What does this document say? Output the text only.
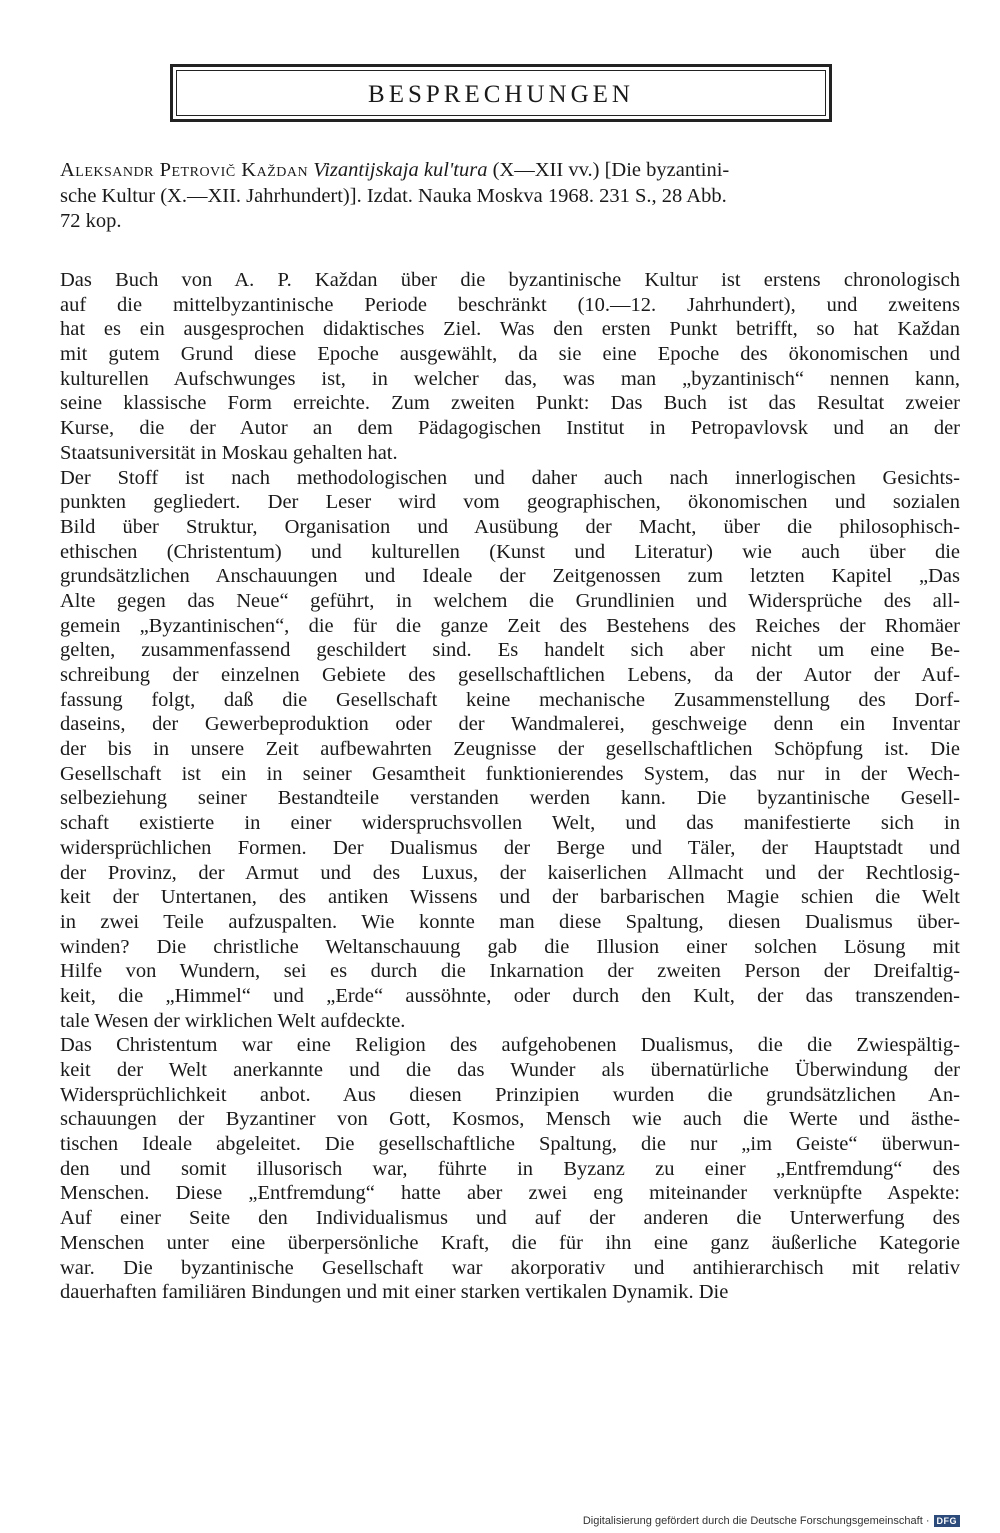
BESPRECHUNGEN
Aleksandr Petrovič Každan Vizantijskaja kul'tura (X—XII vv.) [Die byzantini-
sche Kultur (X.—XII. Jahrhundert)]. Izdat. Nauka Moskva 1968. 231 S., 28 Abb.
72 kop.
Das Buch von A. P. Každan über die byzantinische Kultur ist erstens chronologisch
auf die mittelbyzantinische Periode beschränkt (10.—12. Jahrhundert), und zweitens
hat es ein ausgesprochen didaktisches Ziel. Was den ersten Punkt betrifft, so hat Každan
mit gutem Grund diese Epoche ausgewählt, da sie eine Epoche des ökonomischen und
kulturellen Aufschwunges ist, in welcher das, was man „byzantinisch“ nennen kann,
seine klassische Form erreichte. Zum zweiten Punkt: Das Buch ist das Resultat zweier
Kurse, die der Autor an dem Pädagogischen Institut in Petropavlovsk und an der
Staatsuniversität in Moskau gehalten hat.
Der Stoff ist nach methodologischen und daher auch nach innerlogischen Gesichts-
punkten gegliedert. Der Leser wird vom geographischen, ökonomischen und sozialen
Bild über Struktur, Organisation und Ausübung der Macht, über die philosophisch-
ethischen (Christentum) und kulturellen (Kunst und Literatur) wie auch über die
grundsätzlichen Anschauungen und Ideale der Zeitgenossen zum letzten Kapitel „Das
Alte gegen das Neue“ geführt, in welchem die Grundlinien und Widersprüche des all-
gemein „Byzantinischen“, die für die ganze Zeit des Bestehens des Reiches der Rhomäer
gelten, zusammenfassend geschildert sind. Es handelt sich aber nicht um eine Be-
schreibung der einzelnen Gebiete des gesellschaftlichen Lebens, da der Autor der Auf-
fassung folgt, daß die Gesellschaft keine mechanische Zusammenstellung des Dorf-
daseins, der Gewerbeproduktion oder der Wandmalerei, geschweige denn ein Inventar
der bis in unsere Zeit aufbewahrten Zeugnisse der gesellschaftlichen Schöpfung ist. Die
Gesellschaft ist ein in seiner Gesamtheit funktionierendes System, das nur in der Wech-
selbeziehung seiner Bestandteile verstanden werden kann. Die byzantinische Gesell-
schaft existierte in einer widerspruchsvollen Welt, und das manifestierte sich in
widersprüchlichen Formen. Der Dualismus der Berge und Täler, der Hauptstadt und
der Provinz, der Armut und des Luxus, der kaiserlichen Allmacht und der Rechtlosig-
keit der Untertanen, des antiken Wissens und der barbarischen Magie schien die Welt
in zwei Teile aufzuspalten. Wie konnte man diese Spaltung, diesen Dualismus über-
winden? Die christliche Weltanschauung gab die Illusion einer solchen Lösung mit
Hilfe von Wundern, sei es durch die Inkarnation der zweiten Person der Dreifaltig-
keit, die „Himmel“ und „Erde“ aussöhnte, oder durch den Kult, der das transzenden-
tale Wesen der wirklichen Welt aufdeckte.
Das Christentum war eine Religion des aufgehobenen Dualismus, die die Zwiespältig-
keit der Welt anerkannte und die das Wunder als übernatürliche Überwindung der
Widersprüchlichkeit anbot. Aus diesen Prinzipien wurden die grundsätzlichen An-
schauungen der Byzantiner von Gott, Kosmos, Mensch wie auch die Werte und ästhe-
tischen Ideale abgeleitet. Die gesellschaftliche Spaltung, die nur „im Geiste“ überwun-
den und somit illusorisch war, führte in Byzanz zu einer „Entfremdung“ des
Menschen. Diese „Entfremdung“ hatte aber zwei eng miteinander verknüpfte Aspekte:
Auf einer Seite den Individualismus und auf der anderen die Unterwerfung des
Menschen unter eine überpersönliche Kraft, die für ihn eine ganz äußerliche Kategorie
war. Die byzantinische Gesellschaft war akorporativ und antihierarchisch mit relativ
dauerhaften familiären Bindungen und mit einer starken vertikalen Dynamik. Die
Digitalisierung gefördert durch die Deutsche Forschungsgemeinschaft · DFG
